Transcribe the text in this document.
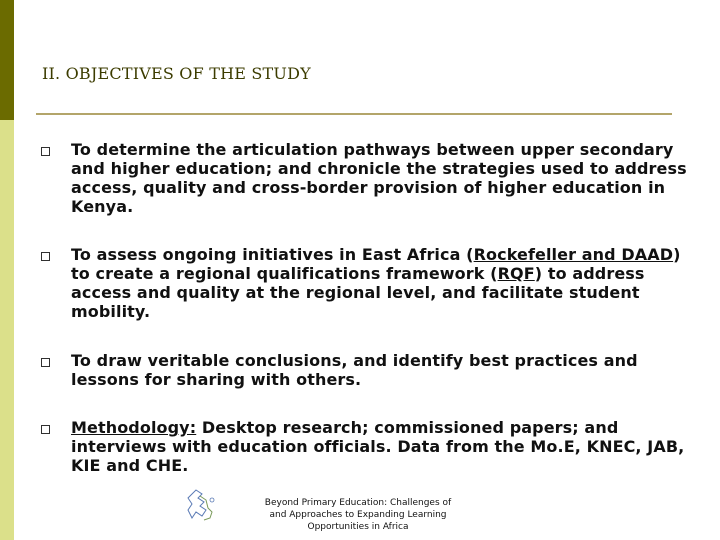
II. OBJECTIVES OF THE STUDY
To determine the articulation pathways between upper secondary and higher education; and chronicle the strategies used to address access, quality and cross-border provision of higher education in Kenya.
To assess ongoing initiatives in East Africa (Rockefeller and DAAD) to create a regional qualifications framework (RQF) to address access and quality at the regional level, and facilitate student mobility.
To draw veritable conclusions, and identify best practices and lessons for sharing with others.
Methodology: Desktop research; commissioned papers; and interviews with education officials. Data from the Mo.E, KNEC, JAB, KIE and CHE.
Beyond Primary Education: Challenges of
and Approaches to Expanding Learning
Opportunities in Africa
